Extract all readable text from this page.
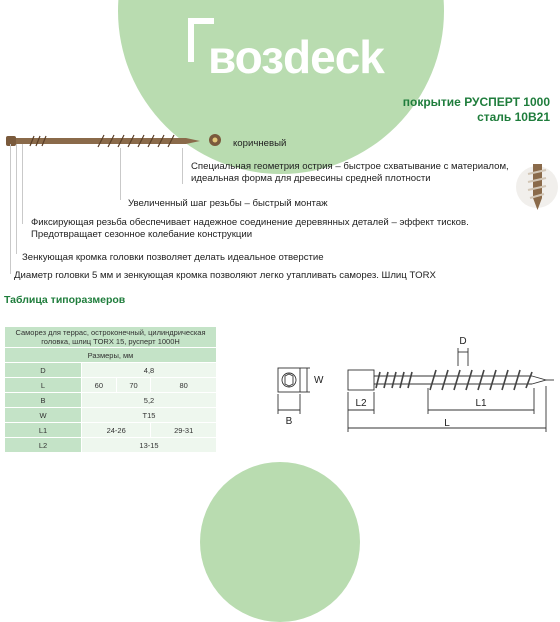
возdeck
покрытие РУСПЕРТ 1000
сталь 10В21
коричневый
Специальная геометрия острия – быстрое схватывание с материалом, идеальная форма для древесины средней плотности
Увеличенный шаг резьбы – быстрый монтаж
Фиксирующая резьба обеспечивает надежное соединение деревянных деталей – эффект тисков. Предотвращает сезонное колебание конструкции
Зенкующая кромка головки позволяет делать идеальное отверстие
Диаметр головки 5 мм и зенкующая кромка позволяют легко утапливать саморез. Шлиц TORX
Таблица типоразмеров
Саморез для террас, остроконечный, цилиндрическая головка, шлиц TORX 15, русперт 1000Н			
Размеры, мм			
D	4,8		
L	60	70	80
B	5,2		
W	T15		
L1	24-26		29-31
L2	13-15		
D
W
B
L2	L1
L
